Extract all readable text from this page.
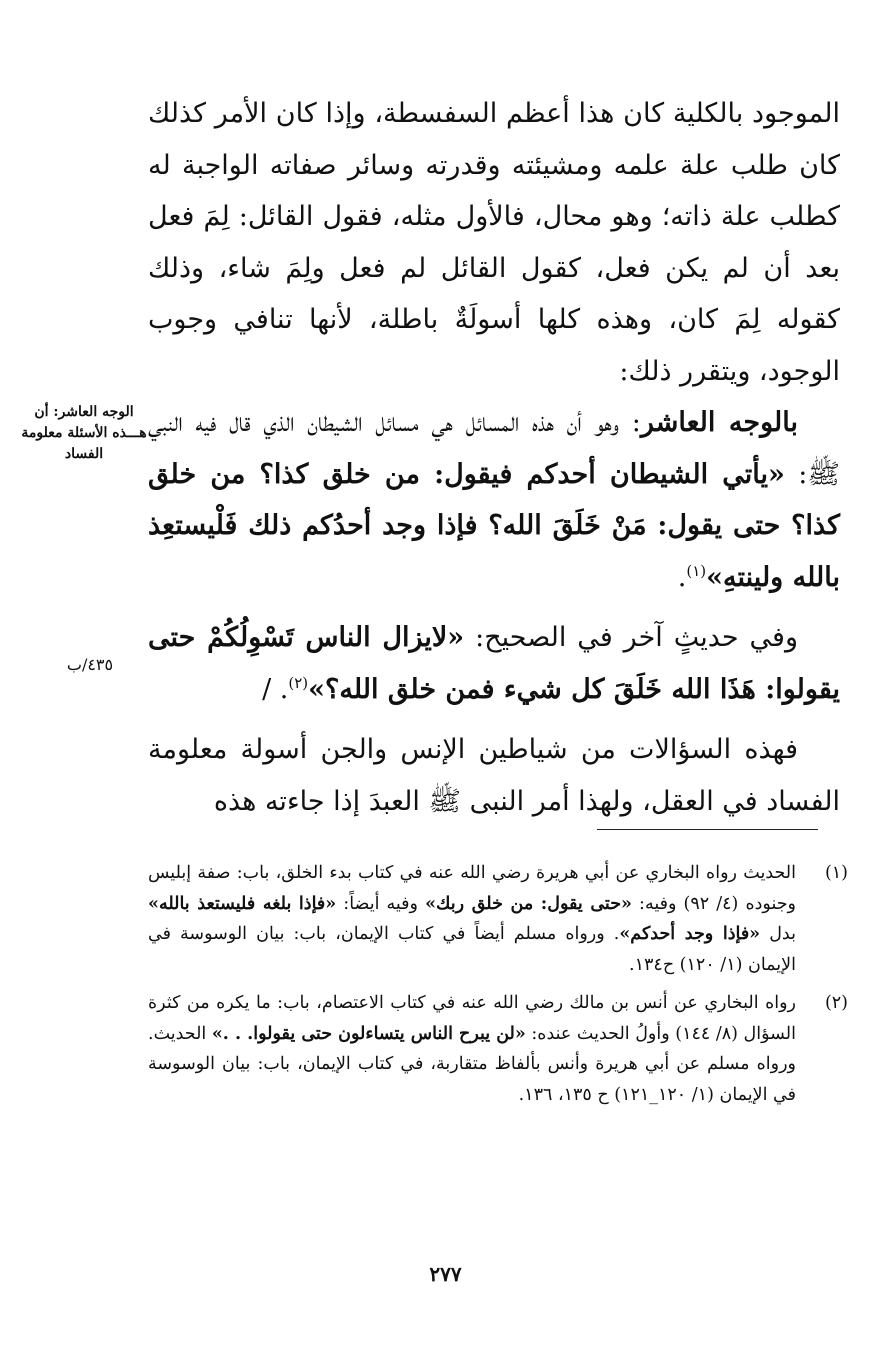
الموجود بالكلية كان هذا أعظم السفسطة، وإذا كان الأمر كذلك كان طلب علة علمه ومشيئته وقدرته وسائر صفاته الواجبة له كطلب علة ذاته؛ وهو محال، فالأول مثله، فقول القائل: لِمَ فعل بعد أن لم يكن فعل، كقول القائل لم فعل ولِمَ شاء، وذلك كقوله لِمَ كان، وهذه كلها أسولَةٌ باطلة، لأنها تنافي وجوب الوجود، ويتقرر ذلك:

بالوجه العاشر: وهو أن هذه المسائل هي مسائل الشيطان الذي قال فيه النبي ﷺ: «يأتي الشيطان أحدكم فيقول: من خلق كذا؟ من خلق كذا؟ حتى يقول: مَنْ خَلَقَ الله؟ فإذا وجد أحدُكم ذلك فَلْيستعِذ بالله ولينتهِ»$^{(١)}$.

وفي حديثٍ آخر في الصحيح: «لايزال الناس تَسْوِلُكُمْ حتى يقولوا: هَذَا الله خَلَقَ كل شيء فمن خلق الله؟»$^{(٢)}$. /

فهذه السؤالات من شياطين الإنس والجن أسولة معلومة الفساد في العقل، ولهذا أمر النبى ﷺ العبدَ إذا جاءته هذه

الوجه العاشر: أن هـــذه الأسئلة معلومة الفساد
٤٣٥/ب
(١)
الحديث رواه البخاري عن أبي هريرة رضي الله عنه في كتاب بدء الخلق، باب: صفة إبليس وجنوده (٤/ ٩٢) وفيه: «حتى يقول: من خلق ربك» وفيه أيضاً: «فإذا بلغه فليستعذ بالله» بدل «فإذا وجد أحدكم». ورواه مسلم أيضاً في كتاب الإيمان، باب: بيان الوسوسة في الإيمان (١/ ١٢٠) ح١٣٤.
(٢)
رواه البخاري عن أنس بن مالك رضي الله عنه في كتاب الاعتصام، باب: ما يكره من كثرة السؤال (٨/ ١٤٤) وأولُ الحديث عنده: «لن يبرح الناس يتساءلون حتى يقولوا. . .» الحديث. ورواه مسلم عن أبي هريرة وأنس بألفاظ متقاربة، في كتاب الإيمان، باب: بيان الوسوسة في الإيمان (١/ ١٢٠_١٢١) ح ١٣٥، ١٣٦.
٢٧٧
